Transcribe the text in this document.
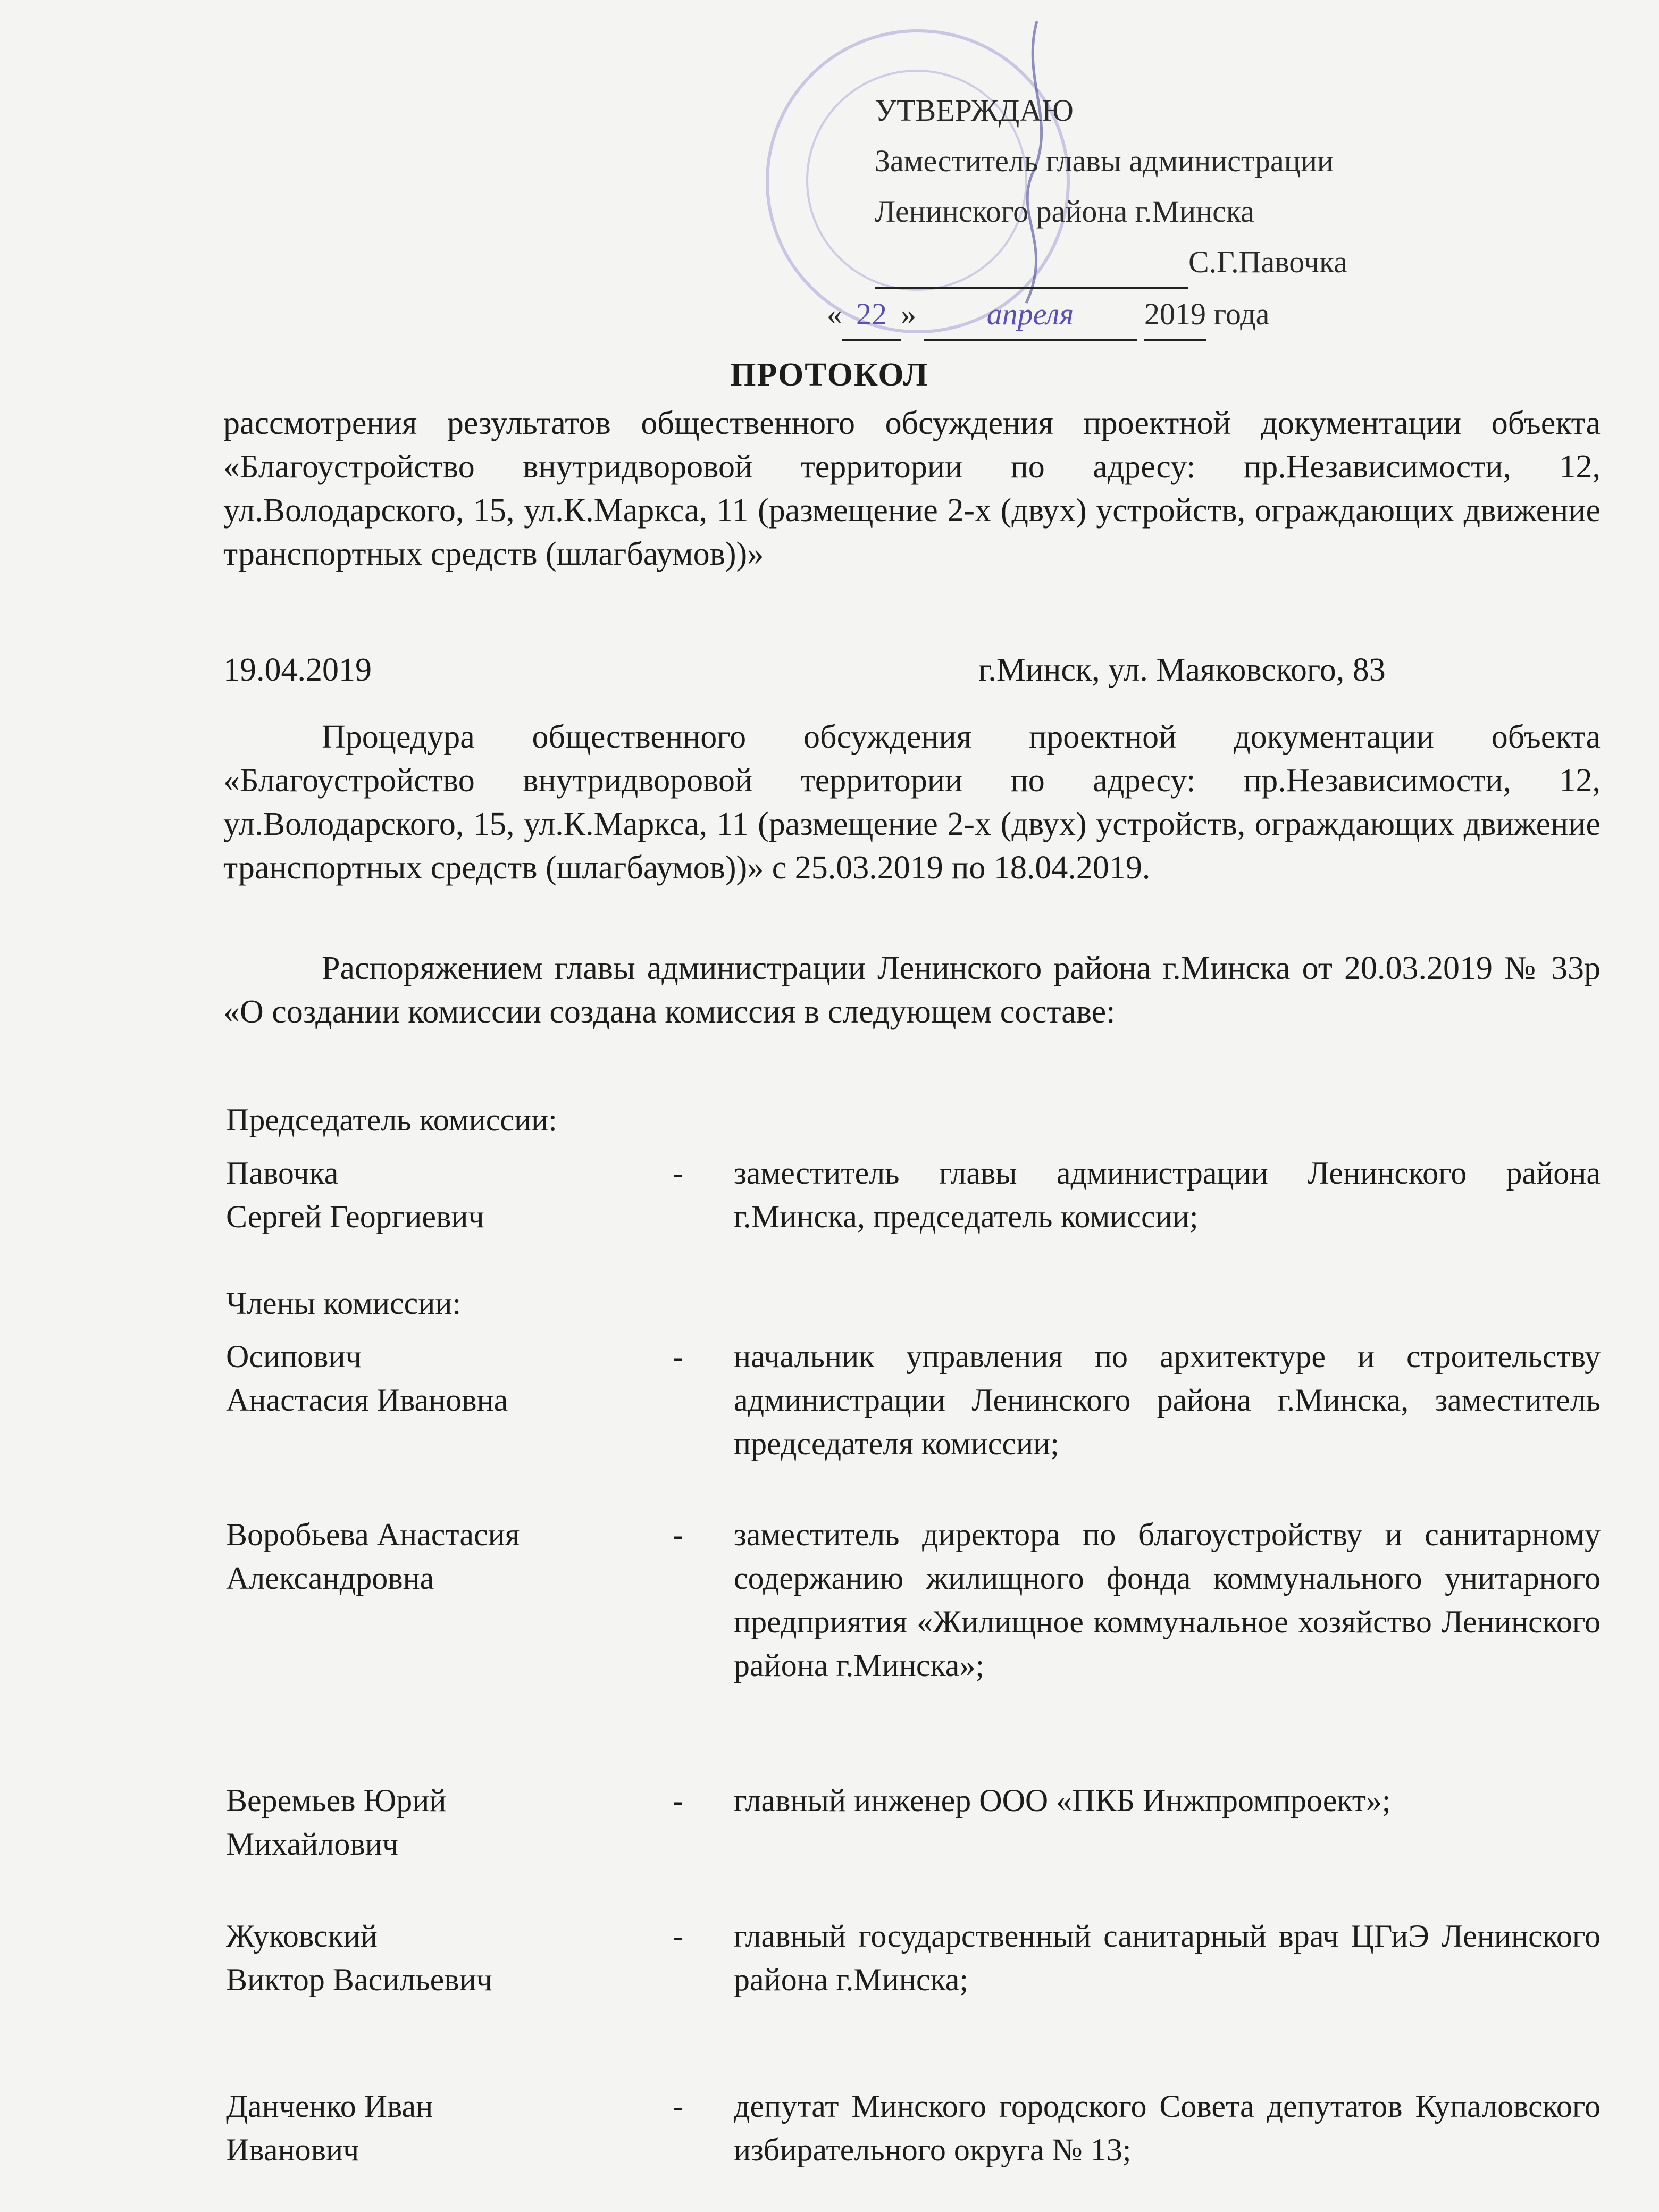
УТВЕРЖДАЮ
Заместитель главы администрации
Ленинского района г.Минска
С.Г.Павочка
« 22 » апреля 2019 года
ПРОТОКОЛ
рассмотрения результатов общественного обсуждения проектной документации объекта «Благоустройство внутридворовой территории по адресу: пр.Независимости, 12, ул.Володарского, 15, ул.К.Маркса, 11 (размещение 2-х (двух) устройств, ограждающих движение транспортных средств (шлагбаумов))»
19.04.2019	г.Минск, ул. Маяковского, 83
Процедура общественного обсуждения проектной документации объекта «Благоустройство внутридворовой территории по адресу: пр.Независимости, 12, ул.Володарского, 15, ул.К.Маркса, 11 (размещение 2-х (двух) устройств, ограждающих движение транспортных средств (шлагбаумов))» с 25.03.2019 по 18.04.2019.
Распоряжением главы администрации Ленинского района г.Минска от 20.03.2019 № 33р «О создании комиссии создана комиссия в следующем составе:
Председатель комиссии:
Павочка
Сергей Георгиевич
- заместитель главы администрации Ленинского района г.Минска, председатель комиссии;
Члены комиссии:
Осипович
Анастасия Ивановна
- начальник управления по архитектуре и строительству администрации Ленинского района г.Минска, заместитель председателя комиссии;
Воробьева Анастасия
Александровна
- заместитель директора по благоустройству и санитарному содержанию жилищного фонда коммунального унитарного предприятия «Жилищное коммунальное хозяйство Ленинского района г.Минска»;
Веремьев Юрий
Михайлович
- главный инженер ООО «ПКБ Инжпромпроект»;
Жуковский
Виктор Васильевич
- главный государственный санитарный врач ЦГиЭ Ленинского района г.Минска;
Данченко Иван
Иванович
- депутат Минского городского Совета депутатов Купаловского избирательного округа № 13;
